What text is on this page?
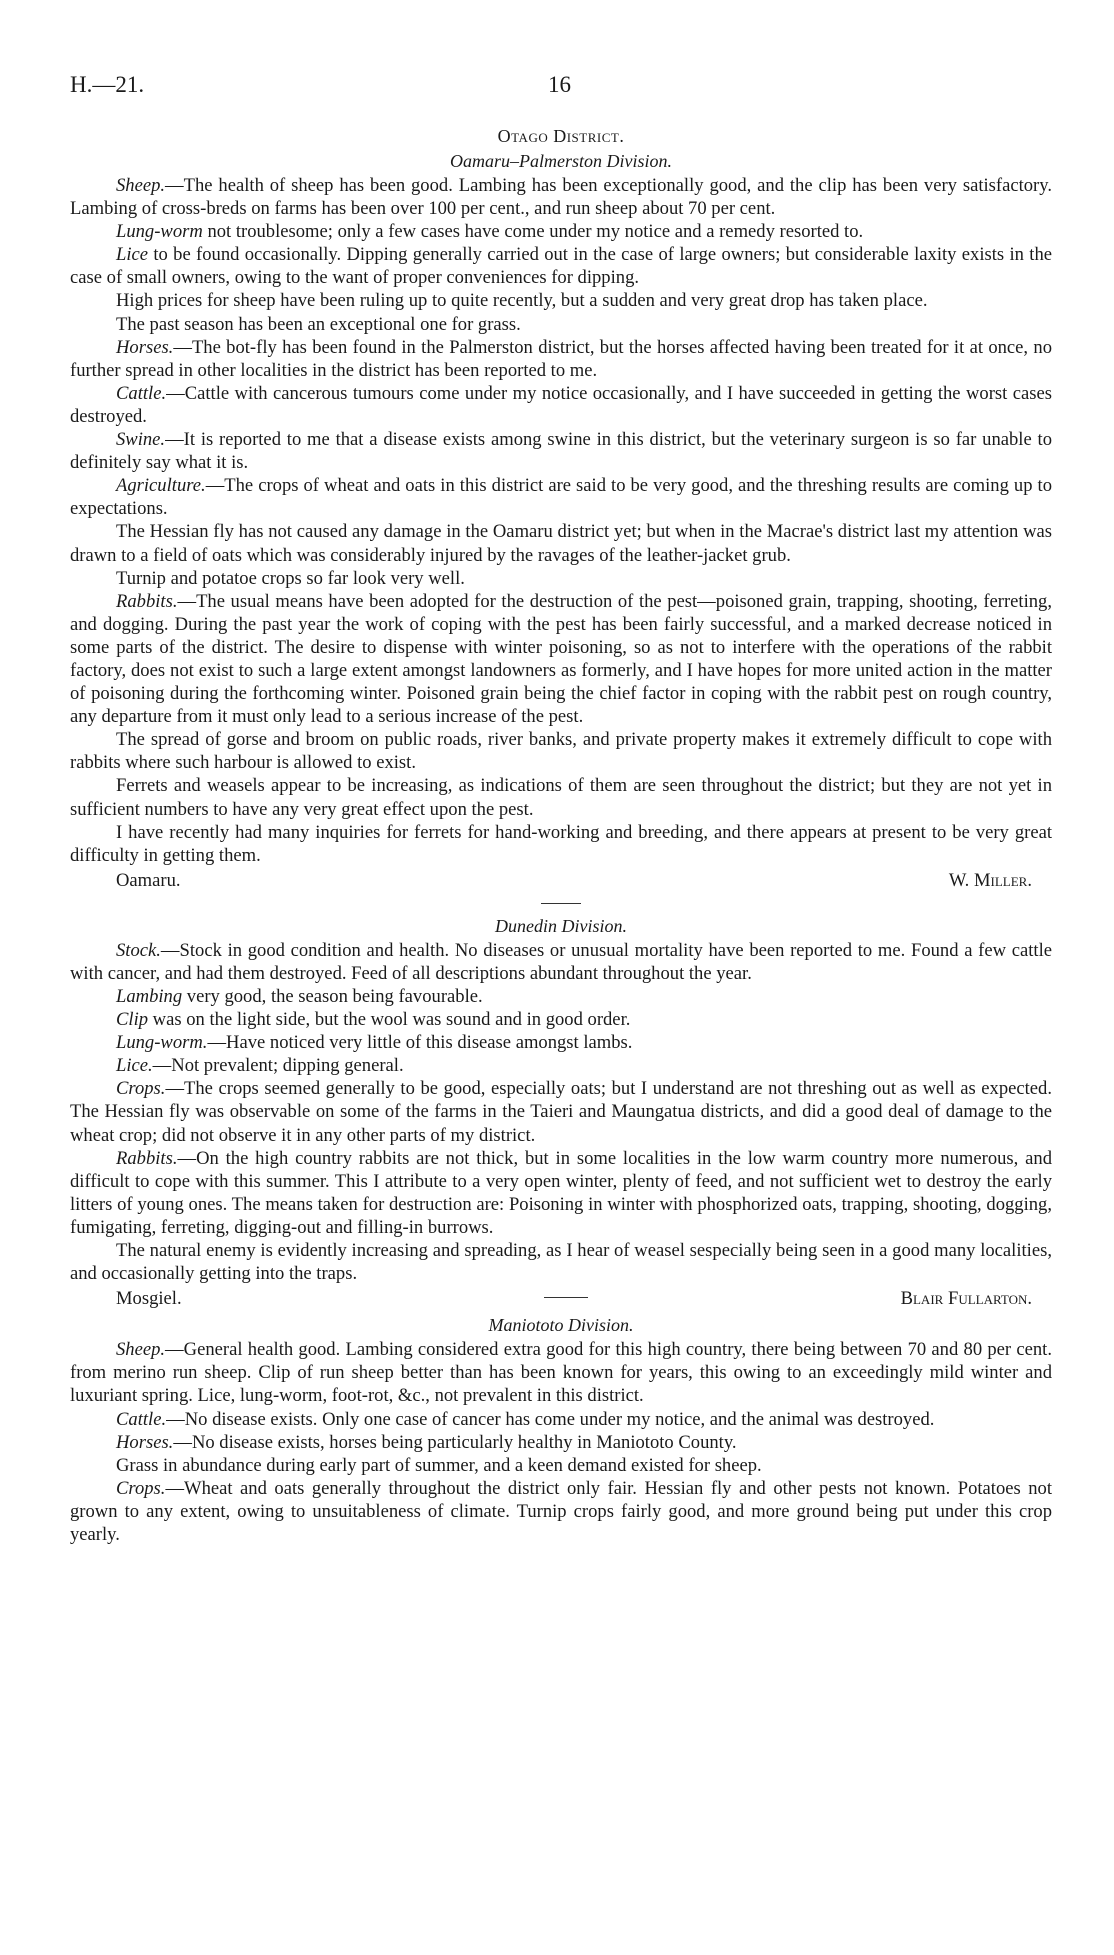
H.—21.	16
Otago District.
Oamaru–Palmerston Division.

Sheep.—The health of sheep has been good. Lambing has been exceptionally good, and the clip has been very satisfactory. Lambing of cross-breds on farms has been over 100 per cent., and run sheep about 70 per cent.

Lung-worm not troublesome; only a few cases have come under my notice and a remedy resorted to.

Lice to be found occasionally. Dipping generally carried out in the case of large owners; but considerable laxity exists in the case of small owners, owing to the want of proper conveniences for dipping.

High prices for sheep have been ruling up to quite recently, but a sudden and very great drop has taken place.

The past season has been an exceptional one for grass.

Horses.—The bot-fly has been found in the Palmerston district, but the horses affected having been treated for it at once, no further spread in other localities in the district has been reported to me.

Cattle.—Cattle with cancerous tumours come under my notice occasionally, and I have succeeded in getting the worst cases destroyed.

Swine.—It is reported to me that a disease exists among swine in this district, but the veterinary surgeon is so far unable to definitely say what it is.

Agriculture.—The crops of wheat and oats in this district are said to be very good, and the threshing results are coming up to expectations.

The Hessian fly has not caused any damage in the Oamaru district yet; but when in the Macrae's district last my attention was drawn to a field of oats which was considerably injured by the ravages of the leather-jacket grub.

Turnip and potatoe crops so far look very well.

Rabbits.—The usual means have been adopted for the destruction of the pest—poisoned grain, trapping, shooting, ferreting, and dogging. During the past year the work of coping with the pest has been fairly successful, and a marked decrease noticed in some parts of the district. The desire to dispense with winter poisoning, so as not to interfere with the operations of the rabbit factory, does not exist to such a large extent amongst landowners as formerly, and I have hopes for more united action in the matter of poisoning during the forthcoming winter. Poisoned grain being the chief factor in coping with the rabbit pest on rough country, any departure from it must only lead to a serious increase of the pest.

The spread of gorse and broom on public roads, river banks, and private property makes it extremely difficult to cope with rabbits where such harbour is allowed to exist.

Ferrets and weasels appear to be increasing, as indications of them are seen throughout the district; but they are not yet in sufficient numbers to have any very great effect upon the pest.

I have recently had many inquiries for ferrets for hand-working and breeding, and there appears at present to be very great difficulty in getting them.

Oamaru.	W. Miller.
Dunedin Division.

Stock.—Stock in good condition and health. No diseases or unusual mortality have been reported to me. Found a few cattle with cancer, and had them destroyed. Feed of all descriptions abundant throughout the year.

Lambing very good, the season being favourable.

Clip was on the light side, but the wool was sound and in good order.

Lung-worm.—Have noticed very little of this disease amongst lambs.

Lice.—Not prevalent; dipping general.

Crops.—The crops seemed generally to be good, especially oats; but I understand are not threshing out as well as expected. The Hessian fly was observable on some of the farms in the Taieri and Maungatua districts, and did a good deal of damage to the wheat crop; did not observe it in any other parts of my district.

Rabbits.—On the high country rabbits are not thick, but in some localities in the low warm country more numerous, and difficult to cope with this summer. This I attribute to a very open winter, plenty of feed, and not sufficient wet to destroy the early litters of young ones. The means taken for destruction are: Poisoning in winter with phosphorized oats, trapping, shooting, dogging, fumigating, ferreting, digging-out and filling-in burrows.

The natural enemy is evidently increasing and spreading, as I hear of weasel sespecially being seen in a good many localities, and occasionally getting into the traps.

Mosgiel.	Blair Fullarton.
Maniototo Division.

Sheep.—General health good. Lambing considered extra good for this high country, there being between 70 and 80 per cent. from merino run sheep. Clip of run sheep better than has been known for years, this owing to an exceedingly mild winter and luxuriant spring. Lice, lung-worm, foot-rot, &c., not prevalent in this district.

Cattle.—No disease exists. Only one case of cancer has come under my notice, and the animal was destroyed.

Horses.—No disease exists, horses being particularly healthy in Maniototo County.

Grass in abundance during early part of summer, and a keen demand existed for sheep.

Crops.—Wheat and oats generally throughout the district only fair. Hessian fly and other pests not known. Potatoes not grown to any extent, owing to unsuitableness of climate. Turnip crops fairly good, and more ground being put under this crop yearly.
